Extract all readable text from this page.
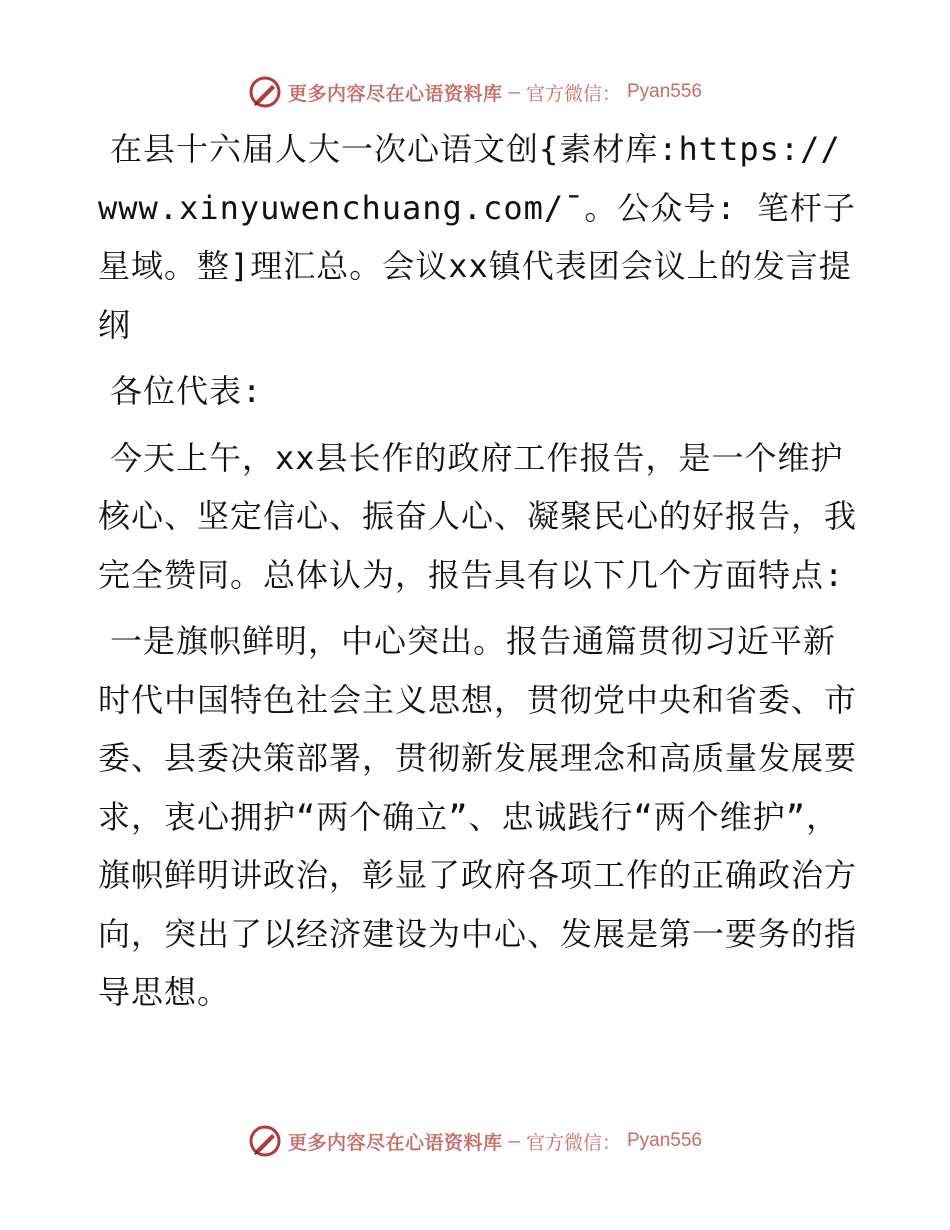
更多内容尽在心语资料库 — 官方微信： Pyan556

在县十六届人大一次心语文创{素材库:https://www.xinyuwenchuang.com/¯。公众号: 笔杆子星域。整]理汇总。会议xx镇代表团会议上的发言提纲

各位代表:

今天上午，xx县长作的政府工作报告，是一个维护核心、坚定信心、振奋人心、凝聚民心的好报告，我完全赞同。总体认为，报告具有以下几个方面特点:

一是旗帜鲜明，中心突出。报告通篇贯彻习近平新时代中国特色社会主义思想，贯彻党中央和省委、市委、县委决策部署，贯彻新发展理念和高质量发展要求，衷心拥护“两个确立”、忠诚践行“两个维护”，旗帜鲜明讲政治，彰显了政府各项工作的正确政治方向，突出了以经济建设为中心、发展是第一要务的指导思想。

更多内容尽在心语资料库 — 官方微信： Pyan556
